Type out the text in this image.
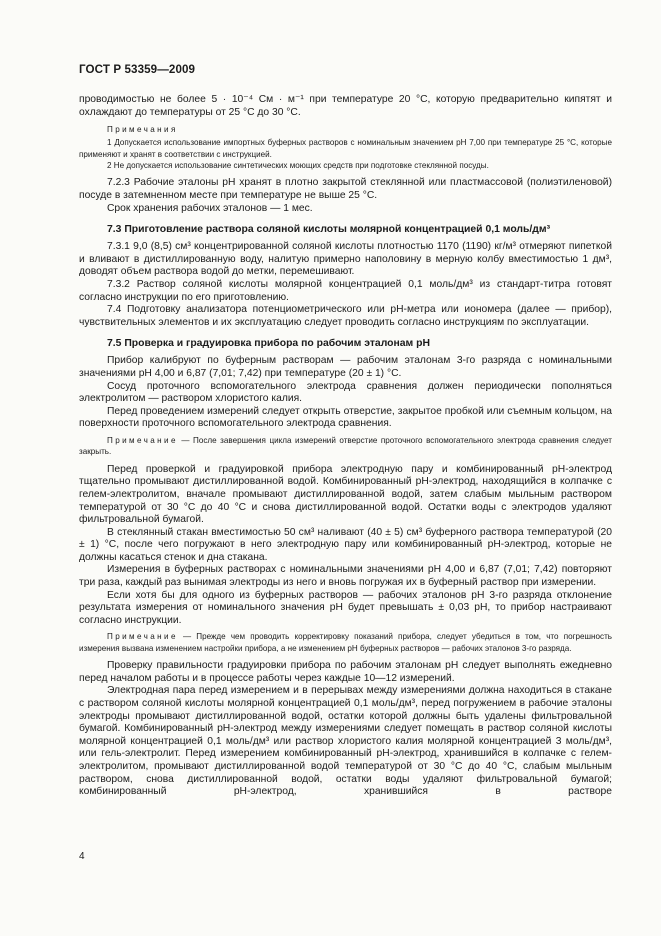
ГОСТ Р 53359—2009

проводимостью не более 5 · 10⁻⁴ См · м⁻¹ при температуре 20 °С, которую предварительно кипятят и охлаждают до температуры от 25 °С до 30 °С.

Примечания

1 Допускается использование импортных буферных растворов с номинальным значением рН 7,00 при температуре 25 °С, которые применяют и хранят в соответствии с инструкцией.

2 Не допускается использование синтетических моющих средств при подготовке стеклянной посуды.

7.2.3 Рабочие эталоны рН хранят в плотно закрытой стеклянной или пластмассовой (полиэтиленовой) посуде в затемненном месте при температуре не выше 25 °С.

Срок хранения рабочих эталонов — 1 мес.

7.3 Приготовление раствора соляной кислоты молярной концентрацией 0,1 моль/дм³

7.3.1 9,0 (8,5) см³ концентрированной соляной кислоты плотностью 1170 (1190) кг/м³ отмеряют пипеткой и вливают в дистиллированную воду, налитую примерно наполовину в мерную колбу вместимостью 1 дм³, доводят объем раствора водой до метки, перемешивают.

7.3.2 Раствор соляной кислоты молярной концентрацией 0,1 моль/дм³ из стандарт-титра готовят согласно инструкции по его приготовлению.

7.4 Подготовку анализатора потенциометрического или рН-метра или иономера (далее — прибор), чувствительных элементов и их эксплуатацию следует проводить согласно инструкциям по эксплуатации.

7.5 Проверка и градуировка прибора по рабочим эталонам рН

Прибор калибруют по буферным растворам — рабочим эталонам 3-го разряда с номинальными значениями рН 4,00 и 6,87 (7,01; 7,42) при температуре (20 ± 1) °С.

Сосуд проточного вспомогательного электрода сравнения должен периодически пополняться электролитом — раствором хлористого калия.

Перед проведением измерений следует открыть отверстие, закрытое пробкой или съемным кольцом, на поверхности проточного вспомогательного электрода сравнения.

Примечание — После завершения цикла измерений отверстие проточного вспомогательного электрода сравнения следует закрыть.

Перед проверкой и градуировкой прибора электродную пару и комбинированный рН-электрод тщательно промывают дистиллированной водой. Комбинированный рН-электрод, находящийся в колпачке с гелем-электролитом, вначале промывают дистиллированной водой, затем слабым мыльным раствором температурой от 30 °С до 40 °С и снова дистиллированной водой. Остатки воды с электродов удаляют фильтровальной бумагой.

В стеклянный стакан вместимостью 50 см³ наливают (40 ± 5) см³ буферного раствора температурой (20 ± 1) °С, после чего погружают в него электродную пару или комбинированный рН-электрод, которые не должны касаться стенок и дна стакана.

Измерения в буферных растворах с номинальными значениями рН 4,00 и 6,87 (7,01; 7,42) повторяют три раза, каждый раз вынимая электроды из него и вновь погружая их в буферный раствор при измерении.

Если хотя бы для одного из буферных растворов — рабочих эталонов рН 3-го разряда отклонение результата измерения от номинального значения рН будет превышать ± 0,03 рН, то прибор настраивают согласно инструкции.

Примечание — Прежде чем проводить корректировку показаний прибора, следует убедиться в том, что погрешность измерения вызвана изменением настройки прибора, а не изменением рН буферных растворов — рабочих эталонов 3-го разряда.

Проверку правильности градуировки прибора по рабочим эталонам рН следует выполнять ежедневно перед началом работы и в процессе работы через каждые 10—12 измерений.

Электродная пара перед измерением и в перерывах между измерениями должна находиться в стакане с раствором соляной кислоты молярной концентрацией 0,1 моль/дм³, перед погружением в рабочие эталоны электроды промывают дистиллированной водой, остатки которой должны быть удалены фильтровальной бумагой. Комбинированный рН-электрод между измерениями следует помещать в раствор соляной кислоты молярной концентрацией 0,1 моль/дм³ или раствор хлористого калия молярной концентрацией 3 моль/дм³, или гель-электролит. Перед измерением комбинированный рН-электрод, хранившийся в колпачке с гелем-электролитом, промывают дистиллированной водой температурой от 30 °С до 40 °С, слабым мыльным раствором, снова дистиллированной водой, остатки воды удаляют фильтровальной бумагой; комбинированный рН-электрод, хранившийся в растворе

4
